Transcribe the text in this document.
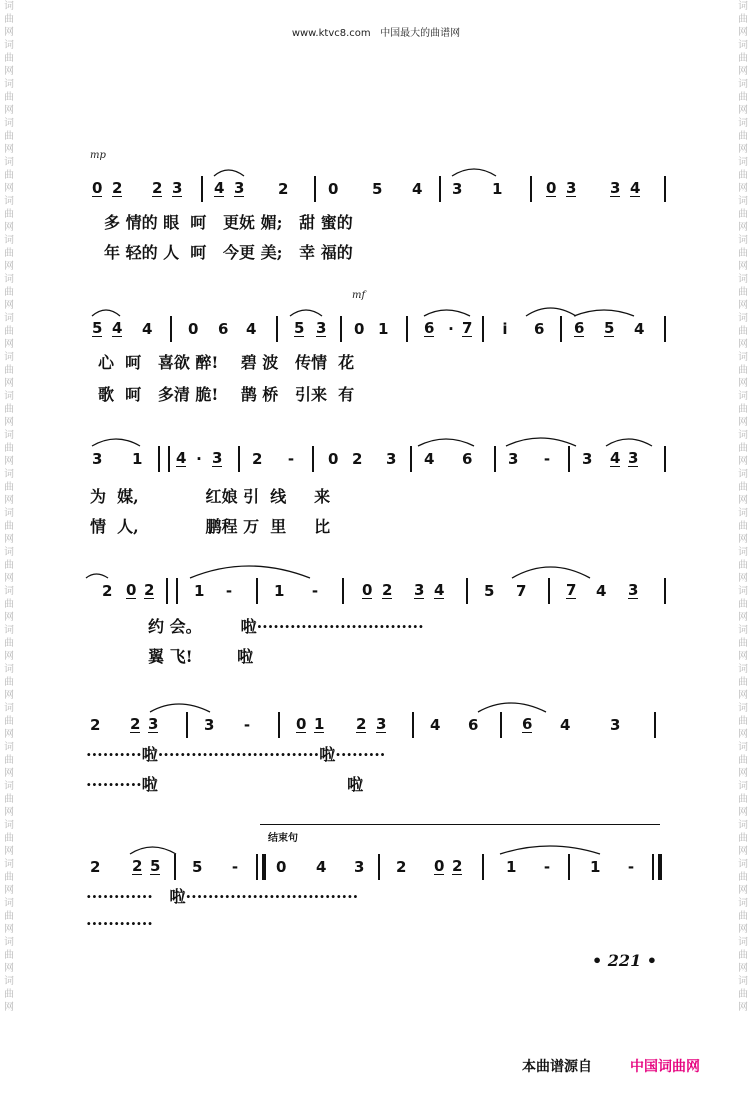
词曲网词曲网词曲网词曲网词曲网词曲网词曲网词曲网词曲网词曲网词曲网词曲网词曲网词曲网词曲网词曲网词曲网词曲网词曲网词曲网词曲网词曲网词曲网词曲网词曲网词曲网
词曲网词曲网词曲网词曲网词曲网词曲网词曲网词曲网词曲网词曲网词曲网词曲网词曲网词曲网词曲网词曲网词曲网词曲网词曲网词曲网词曲网词曲网词曲网词曲网词曲网词曲网
www.ktvc8.com 中国最大的曲谱网
mp
mf
0 2 2 3 4 3 2	0 5 4 3 1	0 3 3 4
多 情的 眼  呵   更妩 媚;   甜 蜜的
年 轻的 人  呵   今更 美;   幸 福的
5 4 4 0 6 4	5 3 0 1 6 · 7 i 6 6 5 4
心  呵   喜欲 醉!    碧 波   传情  花
歌  呵   多清 脆!    鹊 桥   引来  有
3 1 4 · 3 2 - 0 2 3 4 6 3 - 3 4 3
为  媒,            红娘 引  线     来
情  人,            鹏程 万  里     比
2 0 2	1 -	1 -	0 2 3 4	5 7	7 4 3
约 会。       啦······························
翼 飞!        啦
2 2 3	3 -	0 1 2 3	4 6	6 4	3
··········啦·····························啦·········
··········啦                                  啦
结束句
2 2 5 5 -	0 4 3 2 0 2	1 -	1 -
············   啦·······························
············
• 221 •
本曲谱源自	中国词曲网
